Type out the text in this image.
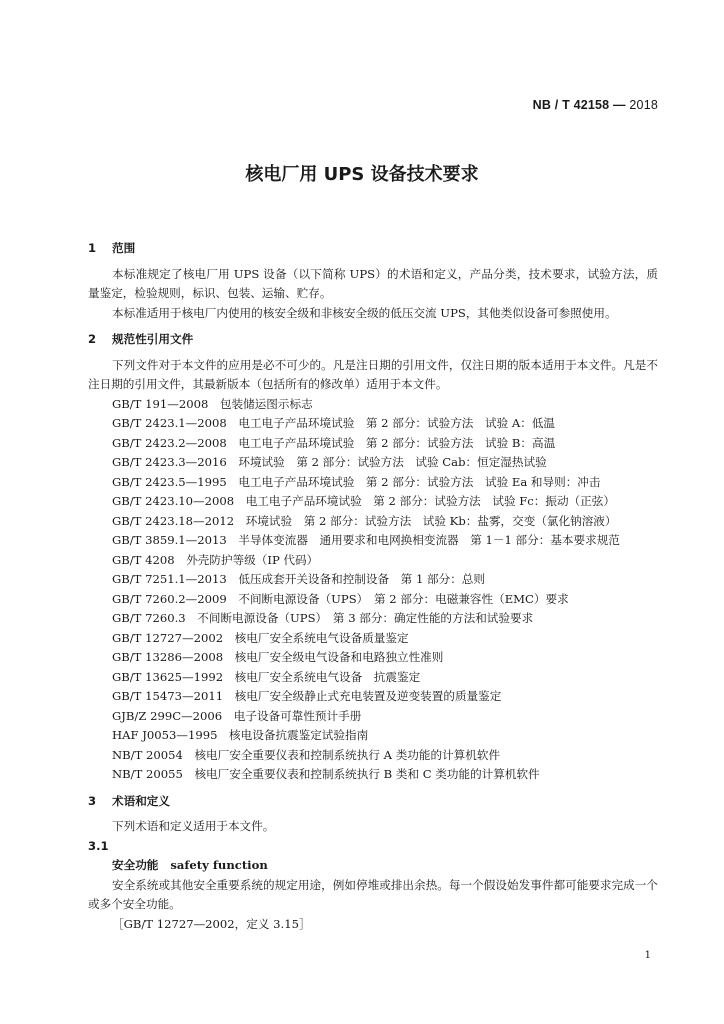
NB / T 42158 — 2018
核电厂用 UPS 设备技术要求
1 范围
本标准规定了核电厂用 UPS 设备（以下简称 UPS）的术语和定义，产品分类，技术要求，试验方法，质量鉴定，检验规则，标识、包装、运输、贮存。
本标准适用于核电厂内使用的核安全级和非核安全级的低压交流 UPS，其他类似设备可参照使用。
2 规范性引用文件
下列文件对于本文件的应用是必不可少的。凡是注日期的引用文件，仅注日期的版本适用于本文件。凡是不注日期的引用文件，其最新版本（包括所有的修改单）适用于本文件。
GB/T 191—2008　包装储运图示标志
GB/T 2423.1—2008　电工电子产品环境试验　第 2 部分：试验方法　试验 A：低温
GB/T 2423.2—2008　电工电子产品环境试验　第 2 部分：试验方法　试验 B：高温
GB/T 2423.3—2016　环境试验　第 2 部分：试验方法　试验 Cab：恒定湿热试验
GB/T 2423.5—1995　电工电子产品环境试验　第 2 部分：试验方法　试验 Ea 和导则：冲击
GB/T 2423.10—2008　电工电子产品环境试验　第 2 部分：试验方法　试验 Fc：振动（正弦）
GB/T 2423.18—2012　环境试验　第 2 部分：试验方法　试验 Kb：盐雾，交变（氯化钠溶液）
GB/T 3859.1—2013　半导体变流器　通用要求和电网换相变流器　第 1－1 部分：基本要求规范
GB/T 4208　外壳防护等级（IP 代码）
GB/T 7251.1—2013　低压成套开关设备和控制设备　第 1 部分：总则
GB/T 7260.2—2009　不间断电源设备（UPS）　第 2 部分：电磁兼容性（EMC）要求
GB/T 7260.3　不间断电源设备（UPS）　第 3 部分：确定性能的方法和试验要求
GB/T 12727—2002　核电厂安全系统电气设备质量鉴定
GB/T 13286—2008　核电厂安全级电气设备和电路独立性准则
GB/T 13625—1992　核电厂安全系统电气设备　抗震鉴定
GB/T 15473—2011　核电厂安全级静止式充电装置及逆变装置的质量鉴定
GJB/Z 299C—2006　电子设备可靠性预计手册
HAF J0053—1995　核电设备抗震鉴定试验指南
NB/T 20054　核电厂安全重要仪表和控制系统执行 A 类功能的计算机软件
NB/T 20055　核电厂安全重要仪表和控制系统执行 B 类和 C 类功能的计算机软件
3 术语和定义
下列术语和定义适用于本文件。
3.1
安全功能 safety function
安全系统或其他安全重要系统的规定用途，例如停堆或排出余热。每一个假设始发事件都可能要求完成一个或多个安全功能。
［GB/T 12727—2002，定义 3.15］
1
